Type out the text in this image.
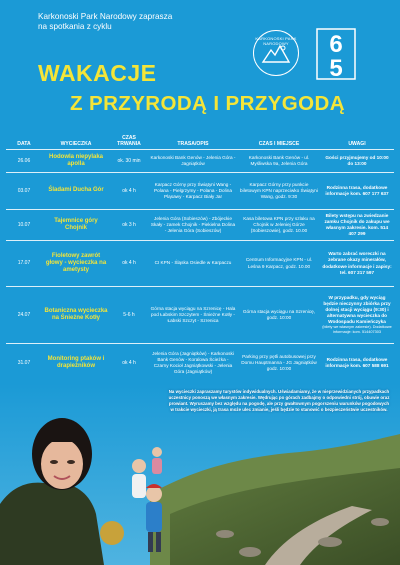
Karkonoski Park Narodowy zaprasza
na spotkania z cyklu
KARKONOSKI PARK NARODOWY	6
5
WAKACJE
Z PRZYRODĄ I PRZYGODĄ
DATA	WYCIECZKA	CZAS TRWANIA	TRASA/OPIS	CZAS I MIEJSCE	UWAGI
26.06	Hodowla niepylaka apolla	ok. 30 min	Karkonoski Bank Genów - Jelenia Góra - Jagniątków	Karkonoski Bank Genów - ul. Myśliwska 9a, Jelenia Góra	Gości przyjmujemy od 10:00 do 13:00
03.07	Śladami Ducha Gór	ok 4 h	Karpacz Górny przy Świątyni Wang - Polana - Pielgrzymy - Polana - Dolina Pląsawy - Karpacz Biały Jar	Karpacz Górny przy punkcie biletowym KPN naprzeciwko Świątyni Wang, godz. 9:30	Rodzinna trasa, dodatkowe informacje kom. 607 177 637
10.07	Tajemnice góry Chojnik	ok 3 h	Jelenia Góra (Sobieszów) - Zbójeckie Skały - zamek Chojnik - Piekielna Dolina - Jelenia Góra (Sobieszów)	Kasa biletowa KPN przy szlaku na Chojnik w Jeleniej Górze (Sobieszowie), godz. 10.00	Bilety wstępu na zwiedzanie zamku Chojnik do zakupu we własnym zakresie. kom. 514 407 299
17.07	Fioletowy zawrót głowy - wycieczka na ametysty	ok 4 h	CI KPN - Śląska Osiedle w Karpaczu	Centrum Informacyjne KPN - ul. Leśna 9 Karpacz, godz. 10.00	Warto zabrać woreczki na zebrane okazy minerałów, dodatkowe informacje i zapisy: tel. 607 217 597
24.07	Botaniczna wycieczka na Śnieżne Kotły	5-6 h	Górna stacja wyciągu na Szrenicę - Hala pod Łabskim Szczytem - Śnieżne Kotły - Łabski Szczyt - Szrenica	Górna stacja wyciągu na Szrenicę, godz. 10:00	W przypadku, gdy wyciąg będzie nieczynny zbiórka przy dolnej stacji wyciągu (9:30) i alternatywna wycieczka do Wodospadu Kamieńczyka
(bilety we własnym zakresie). Dodatkowe informacje: kom. 514407303

31.07	Monitoring ptaków i drapieżników	ok 4 h	Jelenia Góra (Jagniątków) - Karkonoski Bank Genów - Koralowa Ścieżka - Czarny Kocioł Jagniątkowski - Jelenia Góra (Jagniątków)	Parking przy pętli autobusowej przy Domu Hauptmanna - JG Jagniątków godz. 10:00	Rodzinna trasa, dodatkowe informacje kom. 607 588 691
Na wycieczki zapraszamy turystów indywidualnych. Uświadamiamy, że w nieprzewidzianych przypadkach uczestnicy ponoszą we własnym zakresie. Wędrując po górach zadbajmy o odpowiedni strój, obuwie oraz prowiant. Wyruszamy bez względu na pogodę, ale przy gwałtownym pogorszeniu warunków pogodowych w trakcie wycieczki, ją trasa może ulec zmianie, jeśli będzie to stanowić o bezpieczeństwie uczestników.
